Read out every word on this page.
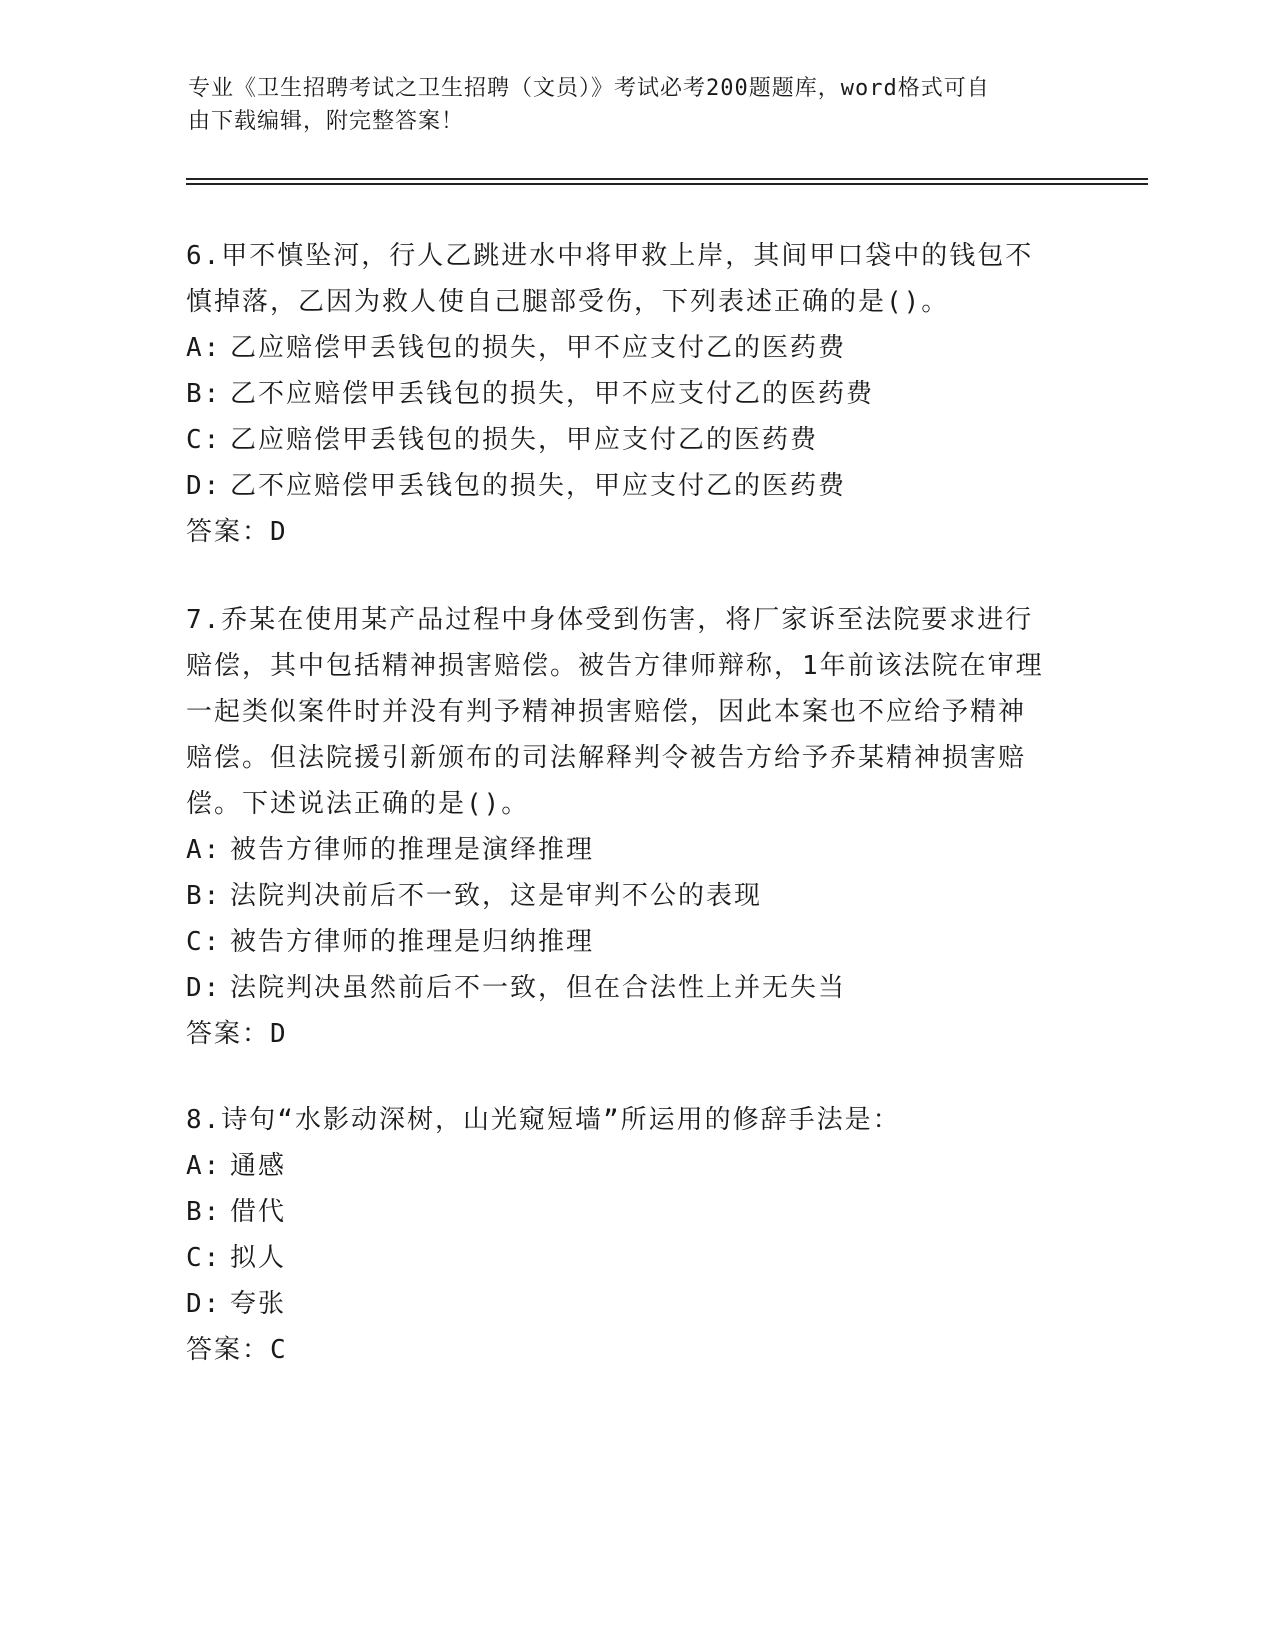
专业《卫生招聘考试之卫生招聘（文员）》考试必考200题题库，word格式可自
由下载编辑，附完整答案！

6.甲不慎坠河，行人乙跳进水中将甲救上岸，其间甲口袋中的钱包不

慎掉落，乙因为救人使自己腿部受伤，下列表述正确的是()。

A: 乙应赔偿甲丢钱包的损失，甲不应支付乙的医药费

B: 乙不应赔偿甲丢钱包的损失，甲不应支付乙的医药费

C: 乙应赔偿甲丢钱包的损失，甲应支付乙的医药费

D: 乙不应赔偿甲丢钱包的损失，甲应支付乙的医药费

答案：D

7.乔某在使用某产品过程中身体受到伤害，将厂家诉至法院要求进行

赔偿，其中包括精神损害赔偿。被告方律师辩称，1年前该法院在审理

一起类似案件时并没有判予精神损害赔偿，因此本案也不应给予精神

赔偿。但法院援引新颁布的司法解释判令被告方给予乔某精神损害赔

偿。下述说法正确的是()。

A: 被告方律师的推理是演绎推理

B: 法院判决前后不一致，这是审判不公的表现

C: 被告方律师的推理是归纳推理

D: 法院判决虽然前后不一致，但在合法性上并无失当

答案：D

8.诗句“水影动深树，山光窥短墙”所运用的修辞手法是：

A: 通感

B: 借代

C: 拟人

D: 夸张

答案：C
